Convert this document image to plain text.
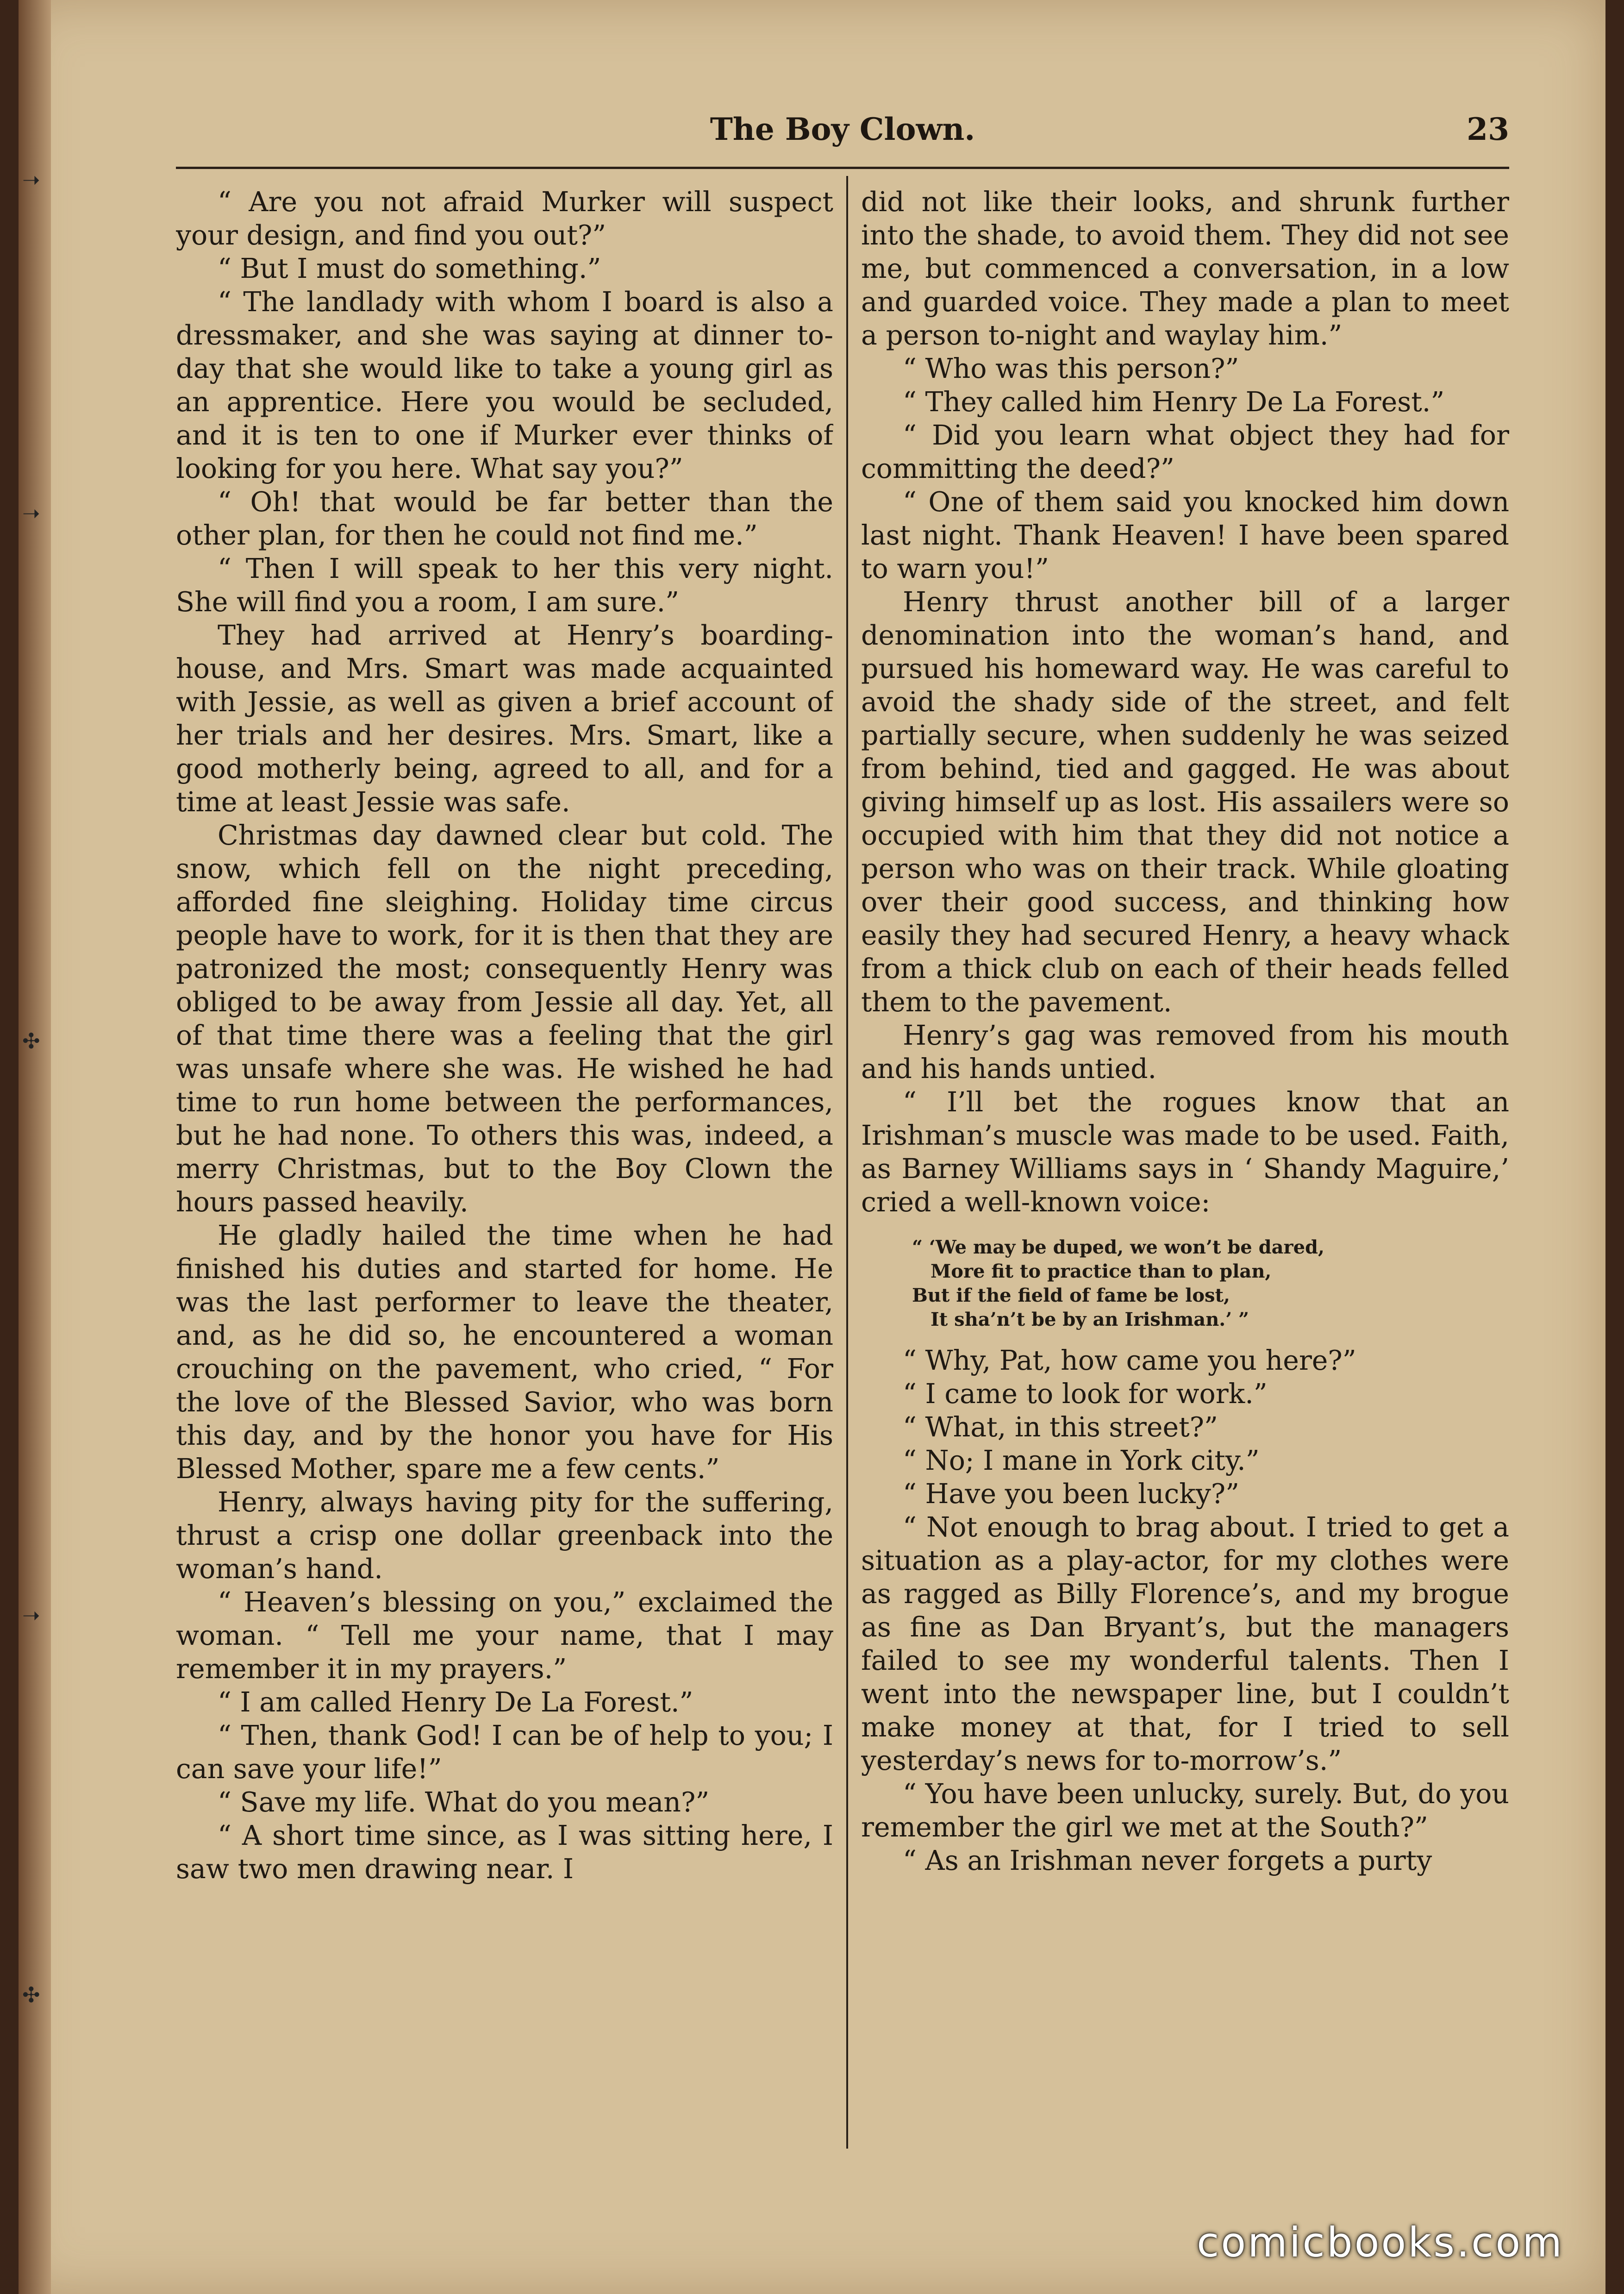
➝
➝
✣
➝
✣
The Boy Clown.	23

“ Are you not afraid Murker will suspect your design, and find you out?”

“ But I must do something.”

“ The landlady with whom I board is also a dressmaker, and she was saying at dinner to-day that she would like to take a young girl as an apprentice. Here you would be secluded, and it is ten to one if Murker ever thinks of looking for you here. What say you?”

“ Oh! that would be far better than the other plan, for then he could not find me.”

“ Then I will speak to her this very night. She will find you a room, I am sure.”

They had arrived at Henry’s boarding-house, and Mrs. Smart was made acquainted with Jessie, as well as given a brief account of her trials and her desires. Mrs. Smart, like a good motherly being, agreed to all, and for a time at least Jessie was safe.

Christmas day dawned clear but cold. The snow, which fell on the night preceding, afforded fine sleighing. Holiday time circus people have to work, for it is then that they are patronized the most; consequently Henry was obliged to be away from Jessie all day. Yet, all of that time there was a feeling that the girl was unsafe where she was. He wished he had time to run home between the performances, but he had none. To others this was, indeed, a merry Christmas, but to the Boy Clown the hours passed heavily.

He gladly hailed the time when he had finished his duties and started for home. He was the last performer to leave the theater, and, as he did so, he encountered a woman crouching on the pavement, who cried, “ For the love of the Blessed Savior, who was born this day, and by the honor you have for His Blessed Mother, spare me a few cents.”

Henry, always having pity for the suffering, thrust a crisp one dollar greenback into the woman’s hand.

“ Heaven’s blessing on you,” exclaimed the woman. “ Tell me your name, that I may remember it in my prayers.”

“ I am called Henry De La Forest.”

“ Then, thank God! I can be of help to you; I can save your life!”

“ Save my life. What do you mean?”

“ A short time since, as I was sitting here, I saw two men drawing near. I

did not like their looks, and shrunk further into the shade, to avoid them. They did not see me, but commenced a conversation, in a low and guarded voice. They made a plan to meet a person to-night and waylay him.”

“ Who was this person?”

“ They called him Henry De La Forest.”

“ Did you learn what object they had for committing the deed?”

“ One of them said you knocked him down last night. Thank Heaven! I have been spared to warn you!”

Henry thrust another bill of a larger denomination into the woman’s hand, and pursued his homeward way. He was careful to avoid the shady side of the street, and felt partially secure, when suddenly he was seized from behind, tied and gagged. He was about giving himself up as lost. His assailers were so occupied with him that they did not notice a person who was on their track. While gloating over their good success, and thinking how easily they had secured Henry, a heavy whack from a thick club on each of their heads felled them to the pavement.

Henry’s gag was removed from his mouth and his hands untied.

“ I’ll bet the rogues know that an Irishman’s muscle was made to be used. Faith, as Barney Williams says in ‘ Shandy Maguire,’ cried a well-known voice:

“ ‘We may be duped, we won’t be dared,
More fit to practice than to plan,
But if the field of fame be lost,
It sha’n’t be by an Irishman.’ ”

“ Why, Pat, how came you here?”

“ I came to look for work.”

“ What, in this street?”

“ No; I mane in York city.”

“ Have you been lucky?”

“ Not enough to brag about. I tried to get a situation as a play-actor, for my clothes were as ragged as Billy Florence’s, and my brogue as fine as Dan Bryant’s, but the managers failed to see my wonderful talents. Then I went into the newspaper line, but I couldn’t make money at that, for I tried to sell yesterday’s news for to-morrow’s.”

“ You have been unlucky, surely. But, do you remember the girl we met at the South?”

“ As an Irishman never forgets a purty

comicbooks.com
